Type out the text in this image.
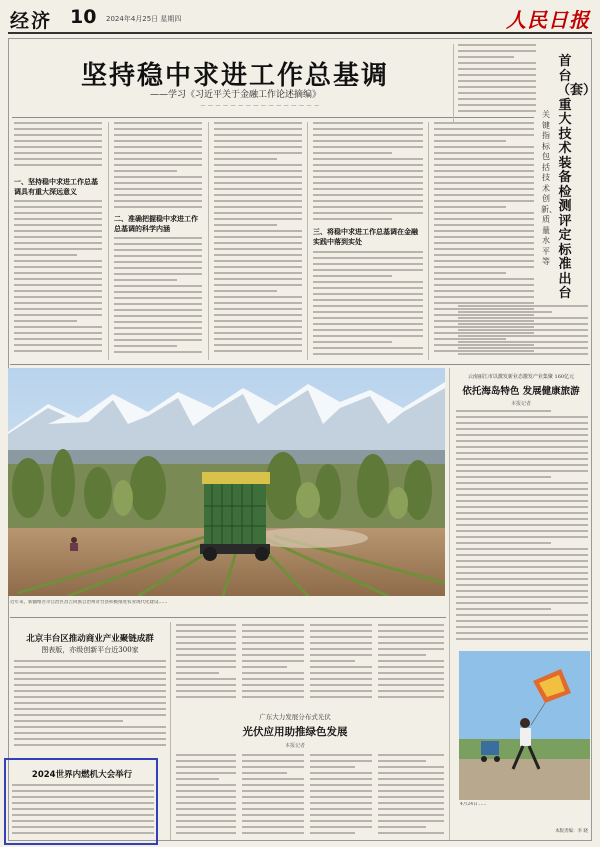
经济 10 2024年4月25日 星期四	人民日报
坚持稳中求进工作总基调
——学习《习近平关于金融工作论述摘编》
— — — — — — — — — — — — — — — —
一、坚持稳中求进工作总基调具有重大深远意义
二、准确把握稳中求进工作总基调的科学内涵	三、将稳中求进工作总基调在金融实践中落到实处
首台（套）重大技术装备检测评定标准出台
关键指标包括技术创新、质量水平等
近年来，新疆维吾尔自治区昌吉回族自治州奇台县积极推进农业现代化建设……
云南丽江市以激发新业态激发产业集聚 160亿元
依托海岛特色 发展健康旅游
本报记者
北京丰台区推动商业产业聚链成群
图表版，亦级创新平台近300家
2024世界内燃机大会举行
广东大力发展分布式光伏
光伏应用助推绿色发展
本报记者
4月24日……
本版责编：李 晓
